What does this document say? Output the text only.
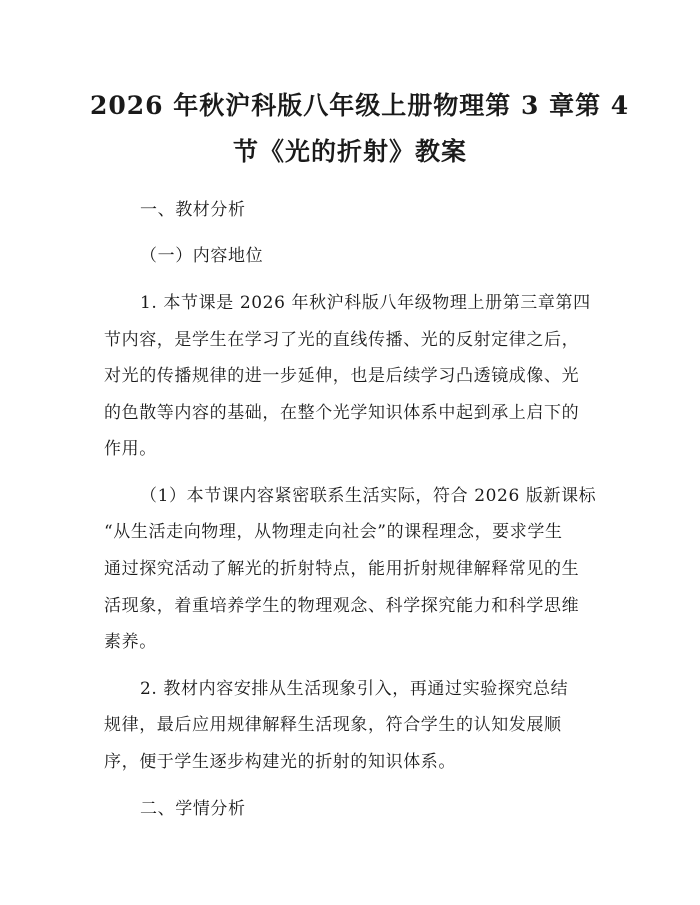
2026 年秋沪科版八年级上册物理第 3 章第 4
节《光的折射》教案
一、教材分析
（一）内容地位
1. 本节课是 2026 年秋沪科版八年级物理上册第三章第四
节内容，是学生在学习了光的直线传播、光的反射定律之后，
对光的传播规律的进一步延伸，也是后续学习凸透镜成像、光
的色散等内容的基础，在整个光学知识体系中起到承上启下的
作用。
（1）本节课内容紧密联系生活实际，符合 2026 版新课标
“从生活走向物理，从物理走向社会”的课程理念，要求学生
通过探究活动了解光的折射特点，能用折射规律解释常见的生
活现象，着重培养学生的物理观念、科学探究能力和科学思维
素养。
2. 教材内容安排从生活现象引入，再通过实验探究总结
规律，最后应用规律解释生活现象，符合学生的认知发展顺
序，便于学生逐步构建光的折射的知识体系。
二、学情分析
